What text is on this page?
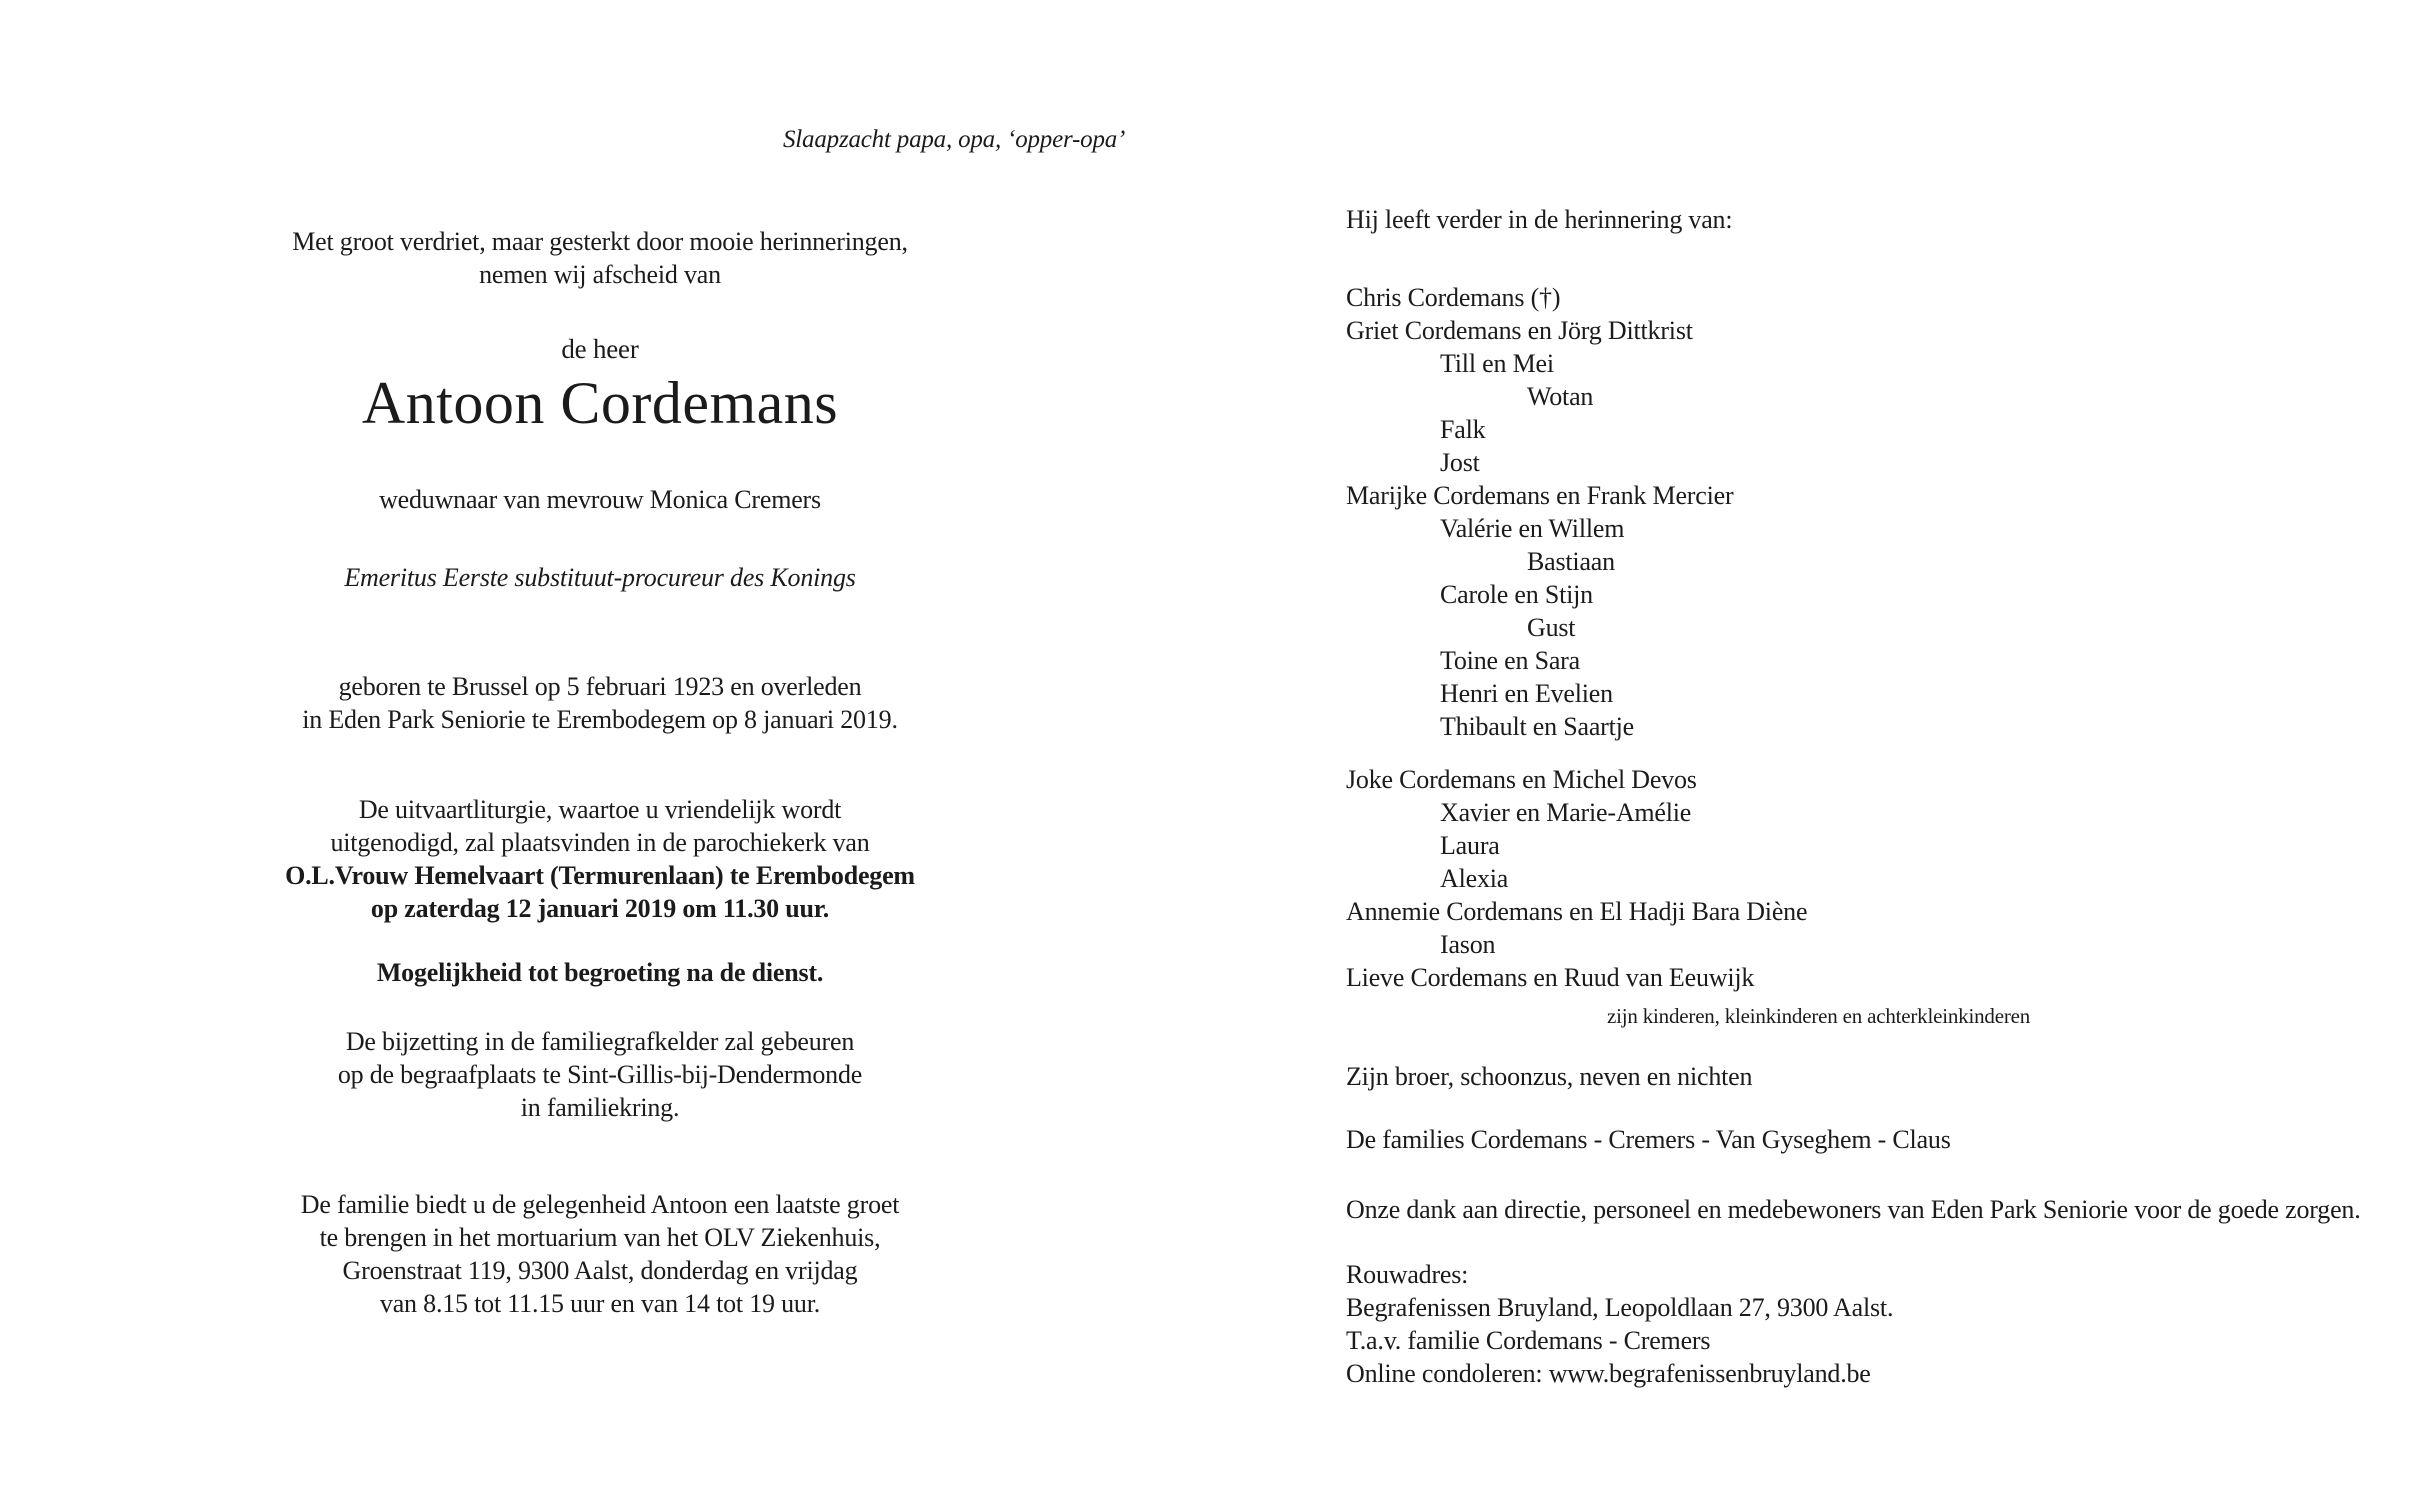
Slaapzacht papa, opa, ‘opper-opa’
Met groot verdriet, maar gesterkt door mooie herinneringen,
nemen wij afscheid van
de heer
Antoon Cordemans
weduwnaar van mevrouw Monica Cremers
Emeritus Eerste substituut-procureur des Konings
geboren te Brussel op 5 februari 1923 en overleden
in Eden Park Seniorie te Erembodegem op 8 januari 2019.
De uitvaartliturgie, waartoe u vriendelijk wordt
uitgenodigd, zal plaatsvinden in de parochiekerk van
O.L.Vrouw Hemelvaart (Termurenlaan) te Erembodegem
op zaterdag 12 januari 2019 om 11.30 uur.
Mogelijkheid tot begroeting na de dienst.
De bijzetting in de familiegrafkelder zal gebeuren
op de begraafplaats te Sint-Gillis-bij-Dendermonde
in familiekring.
De familie biedt u de gelegenheid Antoon een laatste groet
te brengen in het mortuarium van het OLV Ziekenhuis,
Groenstraat 119, 9300 Aalst, donderdag en vrijdag
van 8.15 tot 11.15 uur en van 14 tot 19 uur.
Hij leeft verder in de herinnering van:
Chris Cordemans (†)
Griet Cordemans en Jörg Dittkrist
Till en Mei
Wotan
Falk
Jost
Marijke Cordemans en Frank Mercier
Valérie en Willem
Bastiaan
Carole en Stijn
Gust
Toine en Sara
Henri en Evelien
Thibault en Saartje
Joke Cordemans en Michel Devos
Xavier en Marie-Amélie
Laura
Alexia
Annemie Cordemans en El Hadji Bara Diène
Iason
Lieve Cordemans en Ruud van Eeuwijk
zijn kinderen, kleinkinderen en achterkleinkinderen
Zijn broer, schoonzus, neven en nichten
De families Cordemans - Cremers - Van Gyseghem - Claus
Onze dank aan directie, personeel en medebewoners van Eden Park Seniorie voor de goede zorgen.
Rouwadres:
Begrafenissen Bruyland, Leopoldlaan 27, 9300 Aalst.
T.a.v. familie Cordemans - Cremers
Online condoleren: www.begrafenissenbruyland.be
